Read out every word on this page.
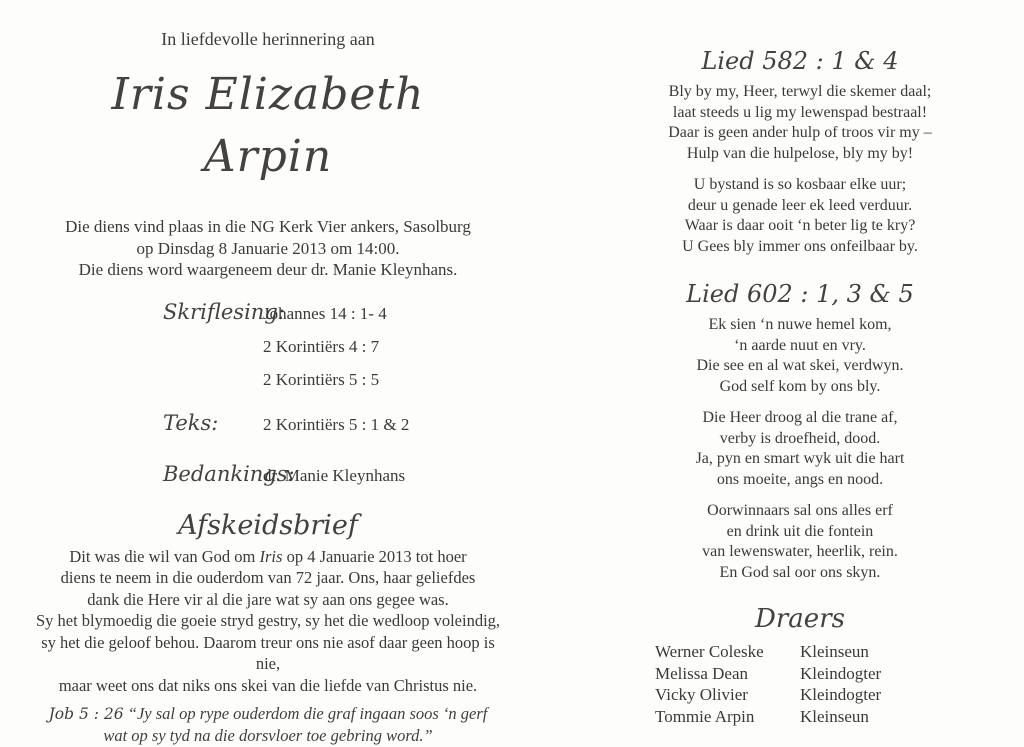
In liefdevolle herinnering aan
Iris Elizabeth
Arpin
Die diens vind plaas in die NG Kerk Vier ankers, Sasolburg
op Dinsdag 8 Januarie 2013 om 14:00.
Die diens word waargeneem deur dr. Manie Kleynhans.
Skriflesing:
Johannes 14 : 1- 4
2 Korintiërs 4 : 7
2 Korintiërs 5 : 5
Teks:	2 Korintiërs 5 : 1 & 2
Bedankings:
dr. Manie Kleynhans
Afskeidsbrief
Dit was die wil van God om Iris op 4 Januarie 2013 tot hoer
diens te neem in die ouderdom van 72 jaar. Ons, haar geliefdes
dank die Here vir al die jare wat sy aan ons gegee was.
Sy het blymoedig die goeie stryd gestry, sy het die wedloop voleindig,
sy het die geloof behou. Daarom treur ons nie asof daar geen hoop is nie,
maar weet ons dat niks ons skei van die liefde van Christus nie.
Job 5 : 26 “Jy sal op rype ouderdom die graf ingaan soos ‘n gerf
wat op sy tyd na die dorsvloer toe gebring word.”
Lied 582 : 1 & 4
Bly by my, Heer, terwyl die skemer daal;
laat steeds u lig my lewenspad bestraal!
Daar is geen ander hulp of troos vir my –
Hulp van die hulpelose, bly my by!
U bystand is so kosbaar elke uur;
deur u genade leer ek leed verduur.
Waar is daar ooit ‘n beter lig te kry?
U Gees bly immer ons onfeilbaar by.
Lied 602 : 1, 3 & 5
Ek sien ‘n nuwe hemel kom,
‘n aarde nuut en vry.
Die see en al wat skei, verdwyn.
God self kom by ons bly.
Die Heer droog al die trane af,
verby is droefheid, dood.
Ja, pyn en smart wyk uit die hart
ons moeite, angs en nood.
Oorwinnaars sal ons alles erf
en drink uit die fontein
van lewenswater, heerlik, rein.
En God sal oor ons skyn.
Draers
Werner Coleske	Kleinseun
Melissa Dean	Kleindogter
Vicky Olivier	Kleindogter
Tommie Arpin	Kleinseun
